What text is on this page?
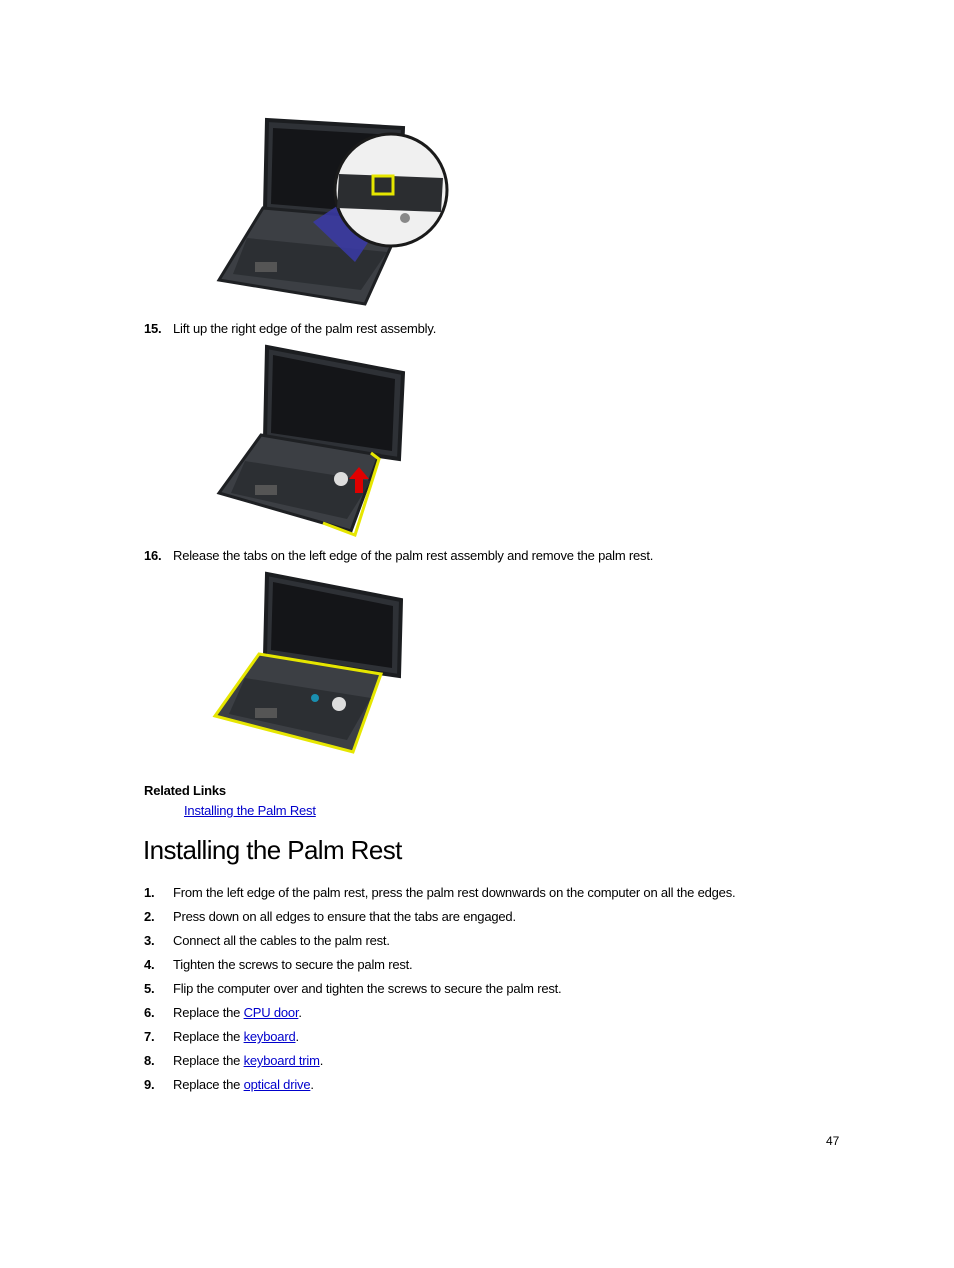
15. Lift up the right edge of the palm rest assembly.
16. Release the tabs on the left edge of the palm rest assembly and remove the palm rest.
Related Links
Installing the Palm Rest
Installing the Palm Rest
1. From the left edge of the palm rest, press the palm rest downwards on the computer on all the edges.
2. Press down on all edges to ensure that the tabs are engaged.
3. Connect all the cables to the palm rest.
4. Tighten the screws to secure the palm rest.
5. Flip the computer over and tighten the screws to secure the palm rest.
6. Replace the CPU door.
7. Replace the keyboard.
8. Replace the keyboard trim.
9. Replace the optical drive.
47
